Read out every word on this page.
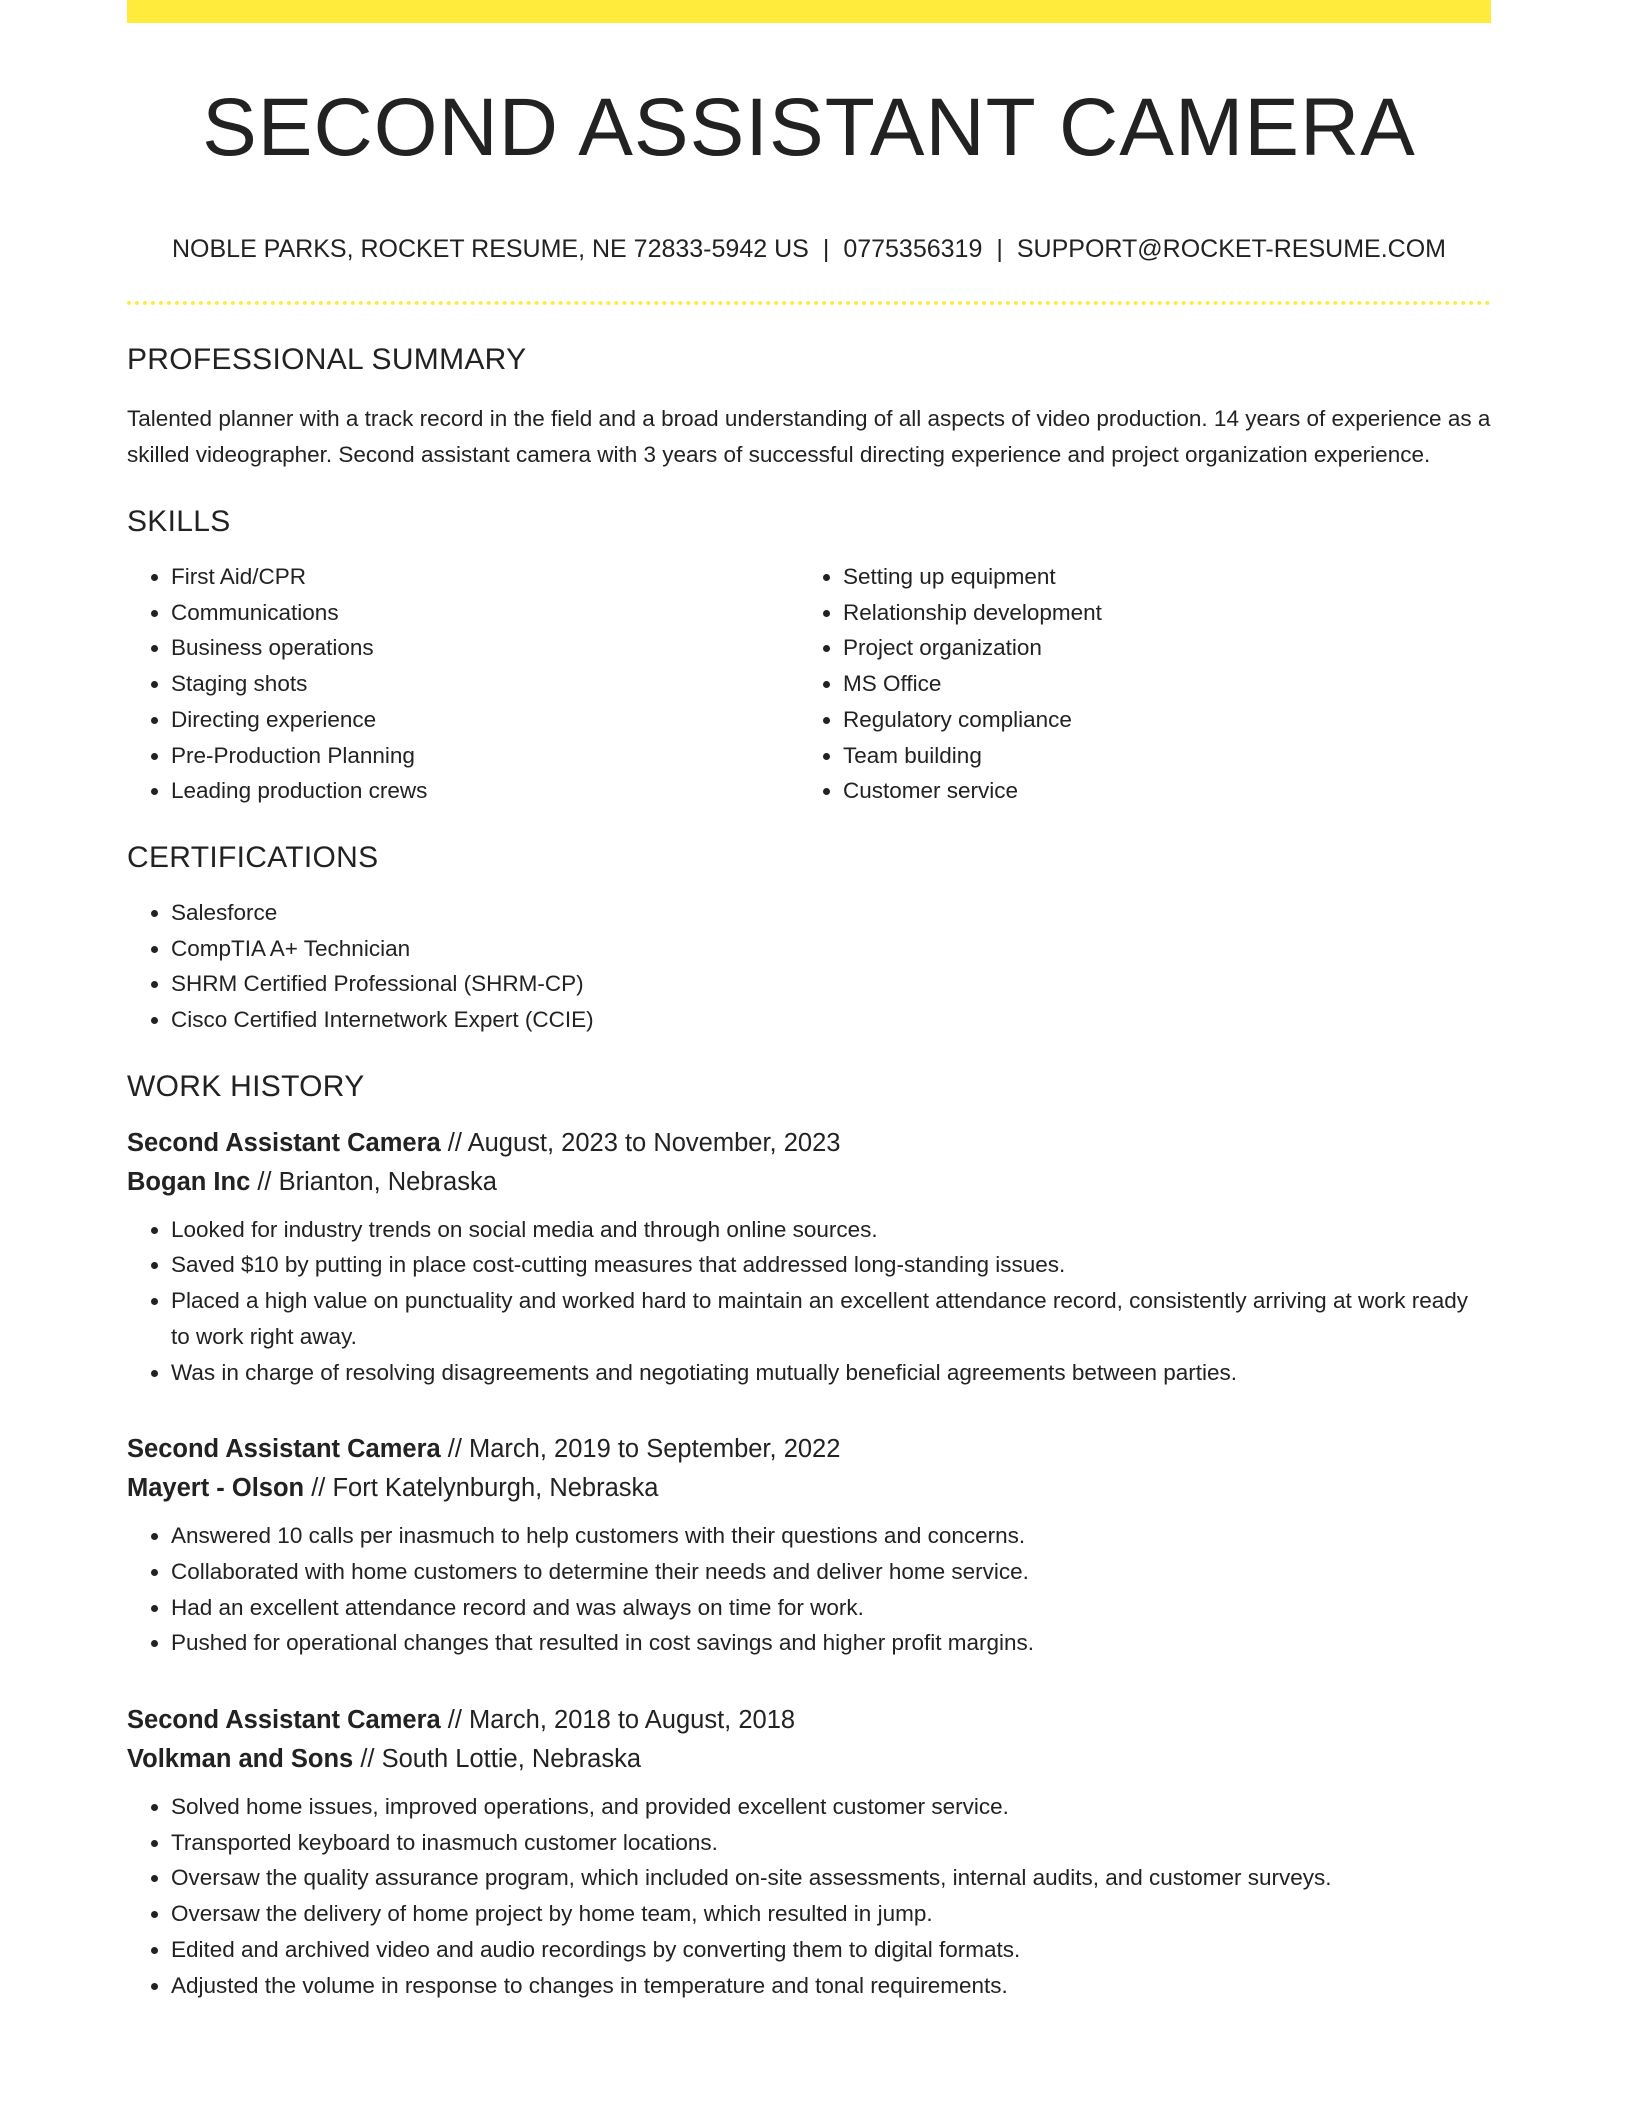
SECOND ASSISTANT CAMERA
NOBLE PARKS, ROCKET RESUME, NE 72833-5942 US | 0775356319 | SUPPORT@ROCKET-RESUME.COM
PROFESSIONAL SUMMARY

Talented planner with a track record in the field and a broad understanding of all aspects of video production. 14 years of experience as a skilled videographer. Second assistant camera with 3 years of successful directing experience and project organization experience.

SKILLS
• First Aid/CPR
• Communications
• Business operations
• Staging shots
• Directing experience
• Pre-Production Planning
• Leading production crews
• Setting up equipment
• Relationship development
• Project organization
• MS Office
• Regulatory compliance
• Team building
• Customer service
CERTIFICATIONS
• Salesforce
• CompTIA A+ Technician
• SHRM Certified Professional (SHRM-CP)
• Cisco Certified Internetwork Expert (CCIE)
WORK HISTORY
Second Assistant Camera // August, 2023 to November, 2023
Bogan Inc // Brianton, Nebraska
• Looked for industry trends on social media and through online sources.
• Saved $10 by putting in place cost-cutting measures that addressed long-standing issues.
• Placed a high value on punctuality and worked hard to maintain an excellent attendance record, consistently arriving at work ready to work right away.
• Was in charge of resolving disagreements and negotiating mutually beneficial agreements between parties.
Second Assistant Camera // March, 2019 to September, 2022
Mayert - Olson // Fort Katelynburgh, Nebraska
• Answered 10 calls per inasmuch to help customers with their questions and concerns.
• Collaborated with home customers to determine their needs and deliver home service.
• Had an excellent attendance record and was always on time for work.
• Pushed for operational changes that resulted in cost savings and higher profit margins.
Second Assistant Camera // March, 2018 to August, 2018
Volkman and Sons // South Lottie, Nebraska
• Solved home issues, improved operations, and provided excellent customer service.
• Transported keyboard to inasmuch customer locations.
• Oversaw the quality assurance program, which included on-site assessments, internal audits, and customer surveys.
• Oversaw the delivery of home project by home team, which resulted in jump.
• Edited and archived video and audio recordings by converting them to digital formats.
• Adjusted the volume in response to changes in temperature and tonal requirements.
